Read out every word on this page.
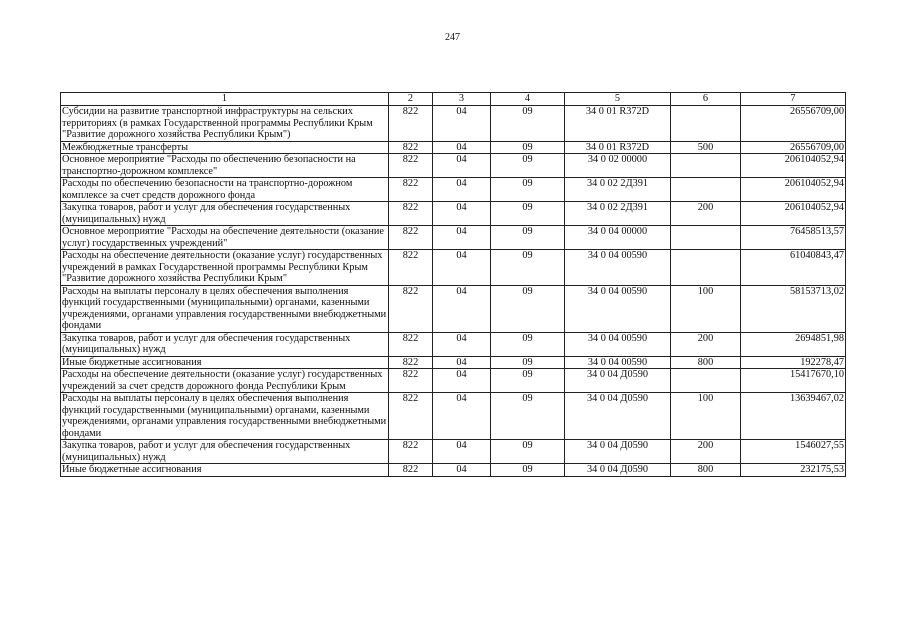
247
1	2	3	4	5	6	7
Субсидии на развитие транспортной инфраструктуры на сельских территориях (в рамках Государственной программы Республики Крым "Развитие дорожного хозяйства Республики Крым")	822	04	09	34 0 01 R372D		26556709,00
Межбюджетные трансферты	822	04	09	34 0 01 R372D	500	26556709,00
Основное мероприятие "Расходы по обеспечению безопасности на транспортно-дорожном комплексе"	822	04	09	34 0 02 00000		206104052,94
Расходы по обеспечению безопасности на транспортно-дорожном комплексе за счет средств дорожного фонда	822	04	09	34 0 02 2Д391		206104052,94
Закупка товаров, работ и услуг для обеспечения государственных (муниципальных) нужд	822	04	09	34 0 02 2Д391	200	206104052,94
Основное мероприятие "Расходы на обеспечение деятельности (оказание услуг) государственных учреждений"	822	04	09	34 0 04 00000		76458513,57
Расходы на обеспечение деятельности (оказание услуг) государственных учреждений в рамках Государственной программы Республики Крым "Развитие дорожного хозяйства Республики Крым"	822	04	09	34 0 04 00590		61040843,47
Расходы на выплаты персоналу в целях обеспечения выполнения функций государственными (муниципальными) органами, казенными учреждениями, органами управления государственными внебюджетными фондами	822	04	09	34 0 04 00590	100	58153713,02
Закупка товаров, работ и услуг для обеспечения государственных (муниципальных) нужд	822	04	09	34 0 04 00590	200	2694851,98
Иные бюджетные ассигнования	822	04	09	34 0 04 00590	800	192278,47
Расходы на обеспечение деятельности (оказание услуг) государственных учреждений за счет средств дорожного фонда Республики Крым	822	04	09	34 0 04 Д0590		15417670,10
Расходы на выплаты персоналу в целях обеспечения выполнения функций государственными (муниципальными) органами, казенными учреждениями, органами управления государственными внебюджетными фондами	822	04	09	34 0 04 Д0590	100	13639467,02
Закупка товаров, работ и услуг для обеспечения государственных (муниципальных) нужд	822	04	09	34 0 04 Д0590	200	1546027,55
Иные бюджетные ассигнования	822	04	09	34 0 04 Д0590	800	232175,53
